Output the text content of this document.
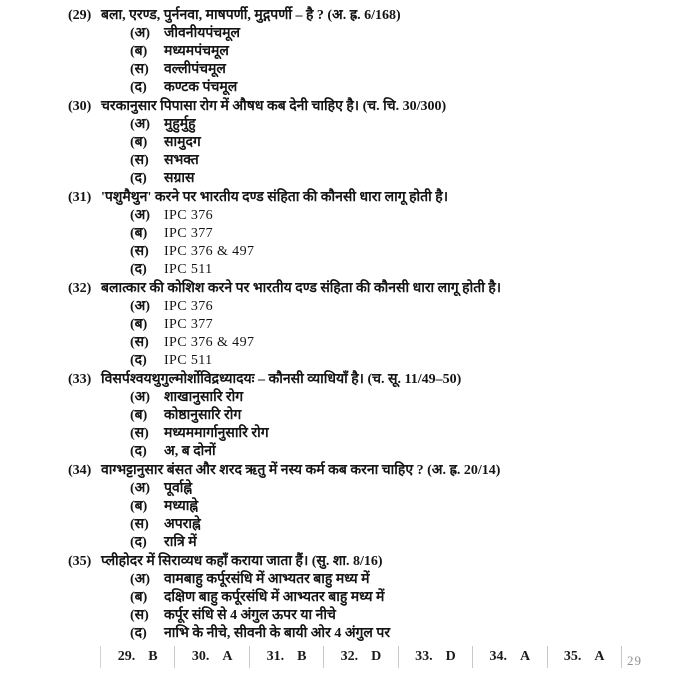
(29) बला, एरण्ड, पुर्ननवा, माषपर्णी, मुद्गपर्णी – है ? (अ. ह्र. 6/168)
(अ) जीवनीयपंचमूल
(ब)	मध्यमपंचमूल
(स)	वल्लीपंचमूल
(द)	कण्टक पंचमूल
(30) चरकानुसार पिपासा रोग में औषध कब देनी चाहिए है। (च. चि. 30/300)
(अ) मुहुर्मुहु
(ब)	सामुदग
(स)	सभक्त
(द)	सग्रास
(31) 'पशुमैथुन' करने पर भारतीय दण्ड संहिता की कौनसी धारा लागू होती है।
(अ) IPC 376
(ब)	IPC 377
(स)	IPC 376 & 497
(द)	IPC 511
(32) बलात्कार की कोशिश करने पर भारतीय दण्ड संहिता की कौनसी धारा लागू होती है।
(अ) IPC 376
(ब)	IPC 377
(स)	IPC 376 & 497
(द)	IPC 511
(33) विसर्पश्वयथुगुल्मोर्शोविद्रध्यादयः – कौनसी व्याधियाँ है। (च. सू. 11/49–50)
(अ) शाखानुसारि रोग
(ब)	कोष्ठानुसारि रोग
(स)	मध्यममार्गानुसारि रोग
(द)	अ, ब दोनों
(34) वाग्भट्टानुसार बंसत और शरद ऋतु में नस्य कर्म कब करना चाहिए ? (अ. ह्र. 20/14)
(अ) पूर्वाह्ने
(ब)	मध्याह्ने
(स)	अपराह्ने
(द)	रात्रि में
(35) प्लीहोदर में सिराव्यध कहाँ कराया जाता हैं। (सु. शा. 8/16)
(अ) वामबाहु कर्पूरसंधि में आभ्यतर बाहु मध्य में
(ब)	दक्षिण बाहु कर्पूरसंधि में आभ्यतर बाहु मध्य में
(स)	कर्पूर संधि से 4 अंगुल ऊपर या नीचे
(द)	नाभि के नीचे, सीवनी के बायी ओर 4 अंगुल पर
29. B 30. A 31. B 32. D 33. D 34. A 35. A 29
